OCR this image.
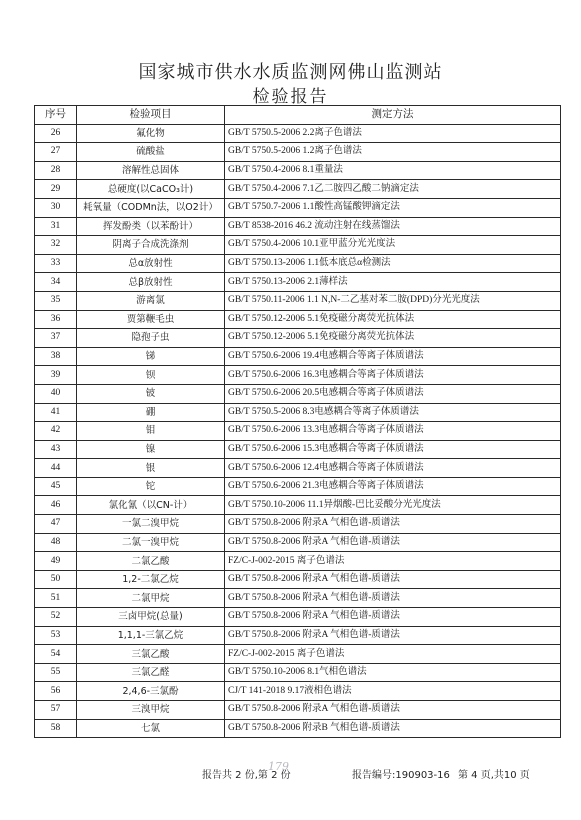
国家城市供水水质监测网佛山监测站
检验报告
序号	检验项目	测定方法
26	氟化物	GB/T 5750.5-2006 2.2离子色谱法
27	硫酸盐	GB/T 5750.5-2006 1.2离子色谱法
28	溶解性总固体	GB/T 5750.4-2006 8.1重量法
29	总硬度(以CaCO₃计)	GB/T 5750.4-2006 7.1乙二胺四乙酸二钠滴定法
30	耗氧量（CODMn法，以O2计）	GB/T 5750.7-2006 1.1酸性高锰酸钾滴定法
31	挥发酚类（以苯酚计）	GB/T 8538-2016 46.2 流动注射在线蒸馏法
32	阴离子合成洗涤剂	GB/T 5750.4-2006 10.1亚甲蓝分光光度法
33	总α放射性	GB/T 5750.13-2006 1.1低本底总α检测法
34	总β放射性	GB/T 5750.13-2006 2.1薄样法
35	游离氯	GB/T 5750.11-2006 1.1 N,N-二乙基对苯二胺(DPD)分光光度法
36	贾第鞭毛虫	GB/T 5750.12-2006 5.1免疫磁分离荧光抗体法
37	隐孢子虫	GB/T 5750.12-2006 5.1免疫磁分离荧光抗体法
38	锑	GB/T 5750.6-2006 19.4电感耦合等离子体质谱法
39	钡	GB/T 5750.6-2006 16.3电感耦合等离子体质谱法
40	铍	GB/T 5750.6-2006 20.5电感耦合等离子体质谱法
41	硼	GB/T 5750.5-2006 8.3电感耦合等离子体质谱法
42	钼	GB/T 5750.6-2006 13.3电感耦合等离子体质谱法
43	镍	GB/T 5750.6-2006 15.3电感耦合等离子体质谱法
44	银	GB/T 5750.6-2006 12.4电感耦合等离子体质谱法
45	铊	GB/T 5750.6-2006 21.3电感耦合等离子体质谱法
46	氯化氰（以CN-计）	GB/T 5750.10-2006 11.1异烟酸-巴比妥酸分光光度法
47	一氯二溴甲烷	GB/T 5750.8-2006 附录A 气相色谱-质谱法
48	二氯一溴甲烷	GB/T 5750.8-2006 附录A 气相色谱-质谱法
49	二氯乙酸	FZ/C-J-002-2015 离子色谱法
50	1,2-二氯乙烷	GB/T 5750.8-2006 附录A 气相色谱-质谱法
51	二氯甲烷	GB/T 5750.8-2006 附录A 气相色谱-质谱法
52	三卤甲烷(总量)	GB/T 5750.8-2006 附录A 气相色谱-质谱法
53	1,1,1-三氯乙烷	GB/T 5750.8-2006 附录A 气相色谱-质谱法
54	三氯乙酸	FZ/C-J-002-2015 离子色谱法
55	三氯乙醛	GB/T 5750.10-2006 8.1气相色谱法
56	2,4,6-三氯酚	CJ/T 141-2018 9.17液相色谱法
57	三溴甲烷	GB/T 5750.8-2006 附录A 气相色谱-质谱法
58	七氯	GB/T 5750.8-2006 附录B 气相色谱-质谱法
报告共 2 份,第 2 份
179
报告编号:190903-16 第 4 页,共10 页
